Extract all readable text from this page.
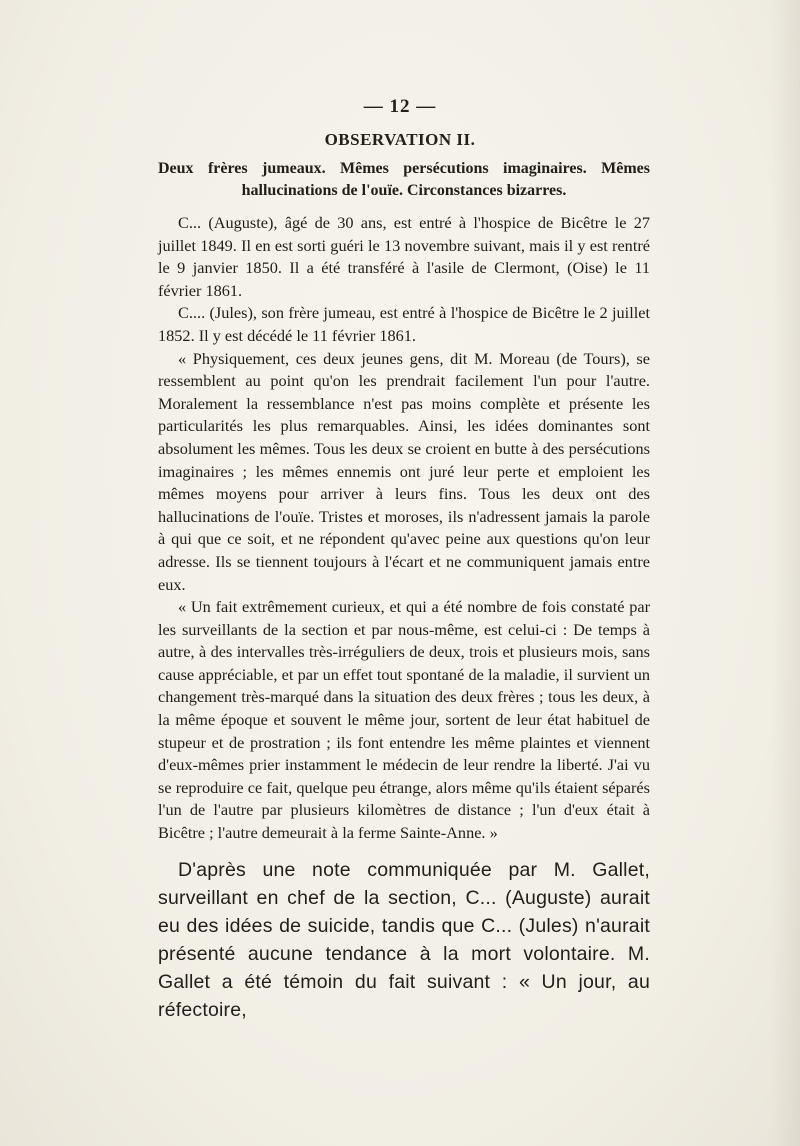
— 12 —
OBSERVATION II.
Deux frères jumeaux. Mêmes persécutions imaginaires. Mêmes hallucinations de l'ouïe. Circonstances bizarres.

C... (Auguste), âgé de 30 ans, est entré à l'hospice de Bicêtre le 27 juillet 1849. Il en est sorti guéri le 13 novembre suivant, mais il y est rentré le 9 janvier 1850. Il a été transféré à l'asile de Clermont, (Oise) le 11 février 1861.

C.... (Jules), son frère jumeau, est entré à l'hospice de Bicêtre le 2 juillet 1852. Il y est décédé le 11 février 1861.

« Physiquement, ces deux jeunes gens, dit M. Moreau (de Tours), se ressemblent au point qu'on les prendrait facilement l'un pour l'autre. Moralement la ressemblance n'est pas moins complète et présente les particularités les plus remarquables. Ainsi, les idées dominantes sont absolument les mêmes. Tous les deux se croient en butte à des persécutions imaginaires ; les mêmes ennemis ont juré leur perte et emploient les mêmes moyens pour arriver à leurs fins. Tous les deux ont des hallucinations de l'ouïe. Tristes et moroses, ils n'adressent jamais la parole à qui que ce soit, et ne répondent qu'avec peine aux questions qu'on leur adresse. Ils se tiennent toujours à l'écart et ne communiquent jamais entre eux.

« Un fait extrêmement curieux, et qui a été nombre de fois constaté par les surveillants de la section et par nous-même, est celui-ci : De temps à autre, à des intervalles très-irréguliers de deux, trois et plusieurs mois, sans cause appréciable, et par un effet tout spontané de la maladie, il survient un changement très-marqué dans la situation des deux frères ; tous les deux, à la même époque et souvent le même jour, sortent de leur état habituel de stupeur et de prostration ; ils font entendre les même plaintes et viennent d'eux-mêmes prier instamment le médecin de leur rendre la liberté. J'ai vu se reproduire ce fait, quelque peu étrange, alors même qu'ils étaient séparés l'un de l'autre par plusieurs kilomètres de distance ; l'un d'eux était à Bicêtre ; l'autre demeurait à la ferme Sainte-Anne. »

D'après une note communiquée par M. Gallet, surveillant en chef de la section, C... (Auguste) aurait eu des idées de suicide, tandis que C... (Jules) n'aurait présenté aucune tendance à la mort volontaire. M. Gallet a été témoin du fait suivant : « Un jour, au réfectoire,
